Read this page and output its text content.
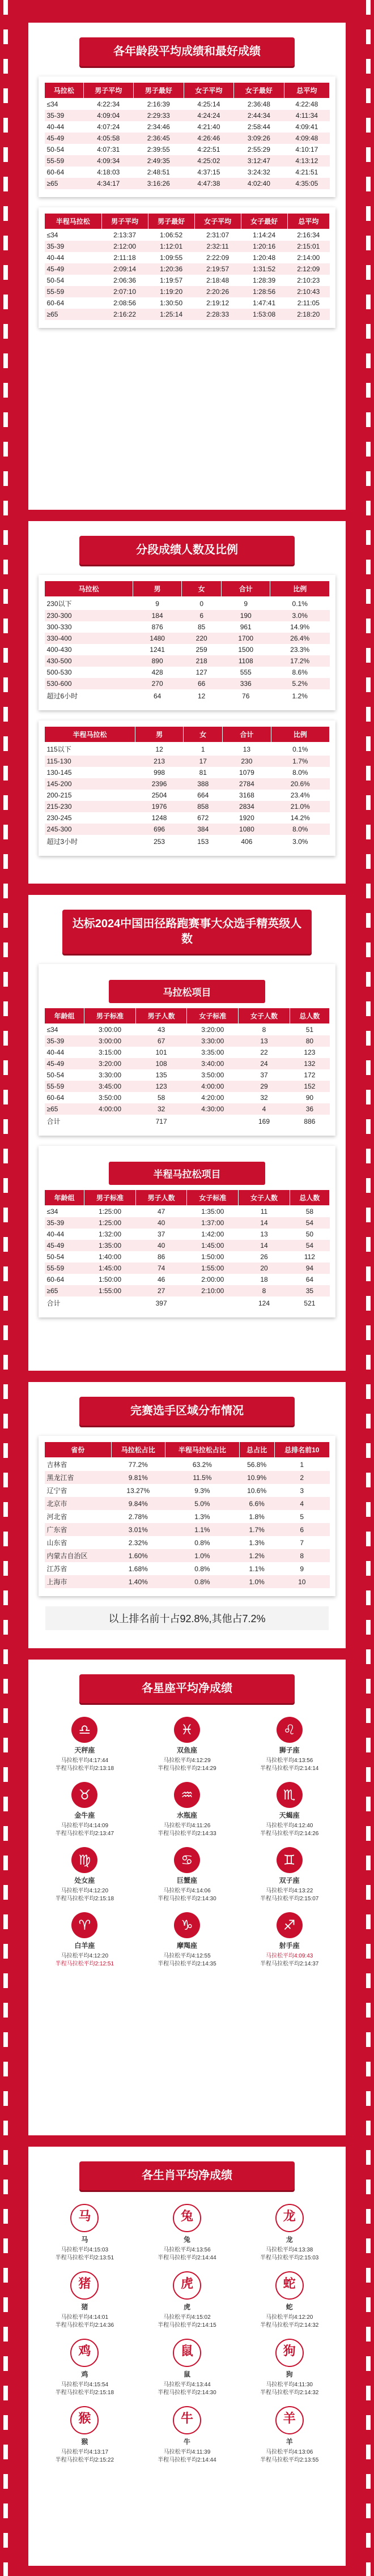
各年龄段平均成绩和最好成绩
马拉松	男子平均	男子最好	女子平均	女子最好	总平均
≤34	4:22:34	2:16:39	4:25:14	2:36:48	4:22:48
35-39	4:09:04	2:29:33	4:24:24	2:44:34	4:11:34
40-44	4:07:24	2:34:46	4:21:40	2:58:44	4:09:41
45-49	4:05:58	2:36:45	4:26:46	3:09:26	4:09:48
50-54	4:07:31	2:39:55	4:22:51	2:55:29	4:10:17
55-59	4:09:34	2:49:35	4:25:02	3:12:47	4:13:12
60-64	4:18:03	2:48:51	4:37:15	3:24:32	4:21:51
≥65	4:34:17	3:16:26	4:47:38	4:02:40	4:35:05
半程马拉松	男子平均	男子最好	女子平均	女子最好	总平均
≤34	2:13:37	1:06:52	2:31:07	1:14:24	2:16:34
35-39	2:12:00	1:12:01	2:32:11	1:20:16	2:15:01
40-44	2:11:18	1:09:55	2:22:09	1:20:48	2:14:00
45-49	2:09:14	1:20:36	2:19:57	1:31:52	2:12:09
50-54	2:06:36	1:19:57	2:18:48	1:28:39	2:10:23
55-59	2:07:10	1:19:20	2:20:26	1:28:56	2:10:43
60-64	2:08:56	1:30:50	2:19:12	1:47:41	2:11:05
≥65	2:16:22	1:25:14	2:28:33	1:53:08	2:18:20
分段成绩人数及比例
马拉松	男	女	合计	比例
230以下	9	0	9	0.1%
230-300	184	6	190	3.0%
300-330	876	85	961	14.9%
330-400	1480	220	1700	26.4%
400-430	1241	259	1500	23.3%
430-500	890	218	1108	17.2%
500-530	428	127	555	8.6%
530-600	270	66	336	5.2%
超过6小时	64	12	76	1.2%
半程马拉松	男	女	合计	比例
115以下	12	1	13	0.1%
115-130	213	17	230	1.7%
130-145	998	81	1079	8.0%
145-200	2396	388	2784	20.6%
200-215	2504	664	3168	23.4%
215-230	1976	858	2834	21.0%
230-245	1248	672	1920	14.2%
245-300	696	384	1080	8.0%
超过3小时	253	153	406	3.0%
达标2024中国田径路跑赛事大众选手精英级人数
马拉松项目
年龄组	男子标准	男子人数	女子标准	女子人数	总人数
≤34	3:00:00	43	3:20:00	8	51
35-39	3:00:00	67	3:30:00	13	80
40-44	3:15:00	101	3:35:00	22	123
45-49	3:20:00	108	3:40:00	24	132
50-54	3:30:00	135	3:50:00	37	172
55-59	3:45:00	123	4:00:00	29	152
60-64	3:50:00	58	4:20:00	32	90
≥65	4:00:00	32	4:30:00	4	36
合计		717		169	886
半程马拉松项目
年龄组	男子标准	男子人数	女子标准	女子人数	总人数
≤34	1:25:00	47	1:35:00	11	58
35-39	1:25:00	40	1:37:00	14	54
40-44	1:32:00	37	1:42:00	13	50
45-49	1:35:00	40	1:45:00	14	54
50-54	1:40:00	86	1:50:00	26	112
55-59	1:45:00	74	1:55:00	20	94
60-64	1:50:00	46	2:00:00	18	64
≥65	1:55:00	27	2:10:00	8	35
合计		397		124	521
完赛选手区域分布情况
省份	马拉松占比	半程马拉松占比	总占比	总排名前10
吉林省	77.2%	63.2%	56.8%	1
黑龙江省	9.81%	11.5%	10.9%	2
辽宁省	13.27%	9.3%	10.6%	3
北京市	9.84%	5.0%	6.6%	4
河北省	2.78%	1.3%	1.8%	5
广东省	3.01%	1.1%	1.7%	6
山东省	2.32%	0.8%	1.3%	7
内蒙古自治区	1.60%	1.0%	1.2%	8
江苏省	1.68%	0.8%	1.1%	9
上海市	1.40%	0.8%	1.0%	10
以上排名前十占92.8%,其他占7.2%
各星座平均净成绩
♎
天秤座
马拉松平均4:17:44
半程马拉松平均2:13:18
♓
双鱼座
马拉松平均4:12:29
半程马拉松平均2:14:29
♌
狮子座
马拉松平均4:13:56
半程马拉松平均2:14:14
♉
金牛座
马拉松平均4:14:09
半程马拉松平均2:13:47
♒
水瓶座
马拉松平均4:11:26
半程马拉松平均2:14:33
♏
天蝎座
马拉松平均4:12:40
半程马拉松平均2:14:26
♍
处女座
马拉松平均4:12:20
半程马拉松平均2:15:18
♋
巨蟹座
马拉松平均4:14:06
半程马拉松平均2:14:30
♊
双子座
马拉松平均4:13:22
半程马拉松平均2:15:07
♈
白羊座
马拉松平均4:12:20
半程马拉松平均2:12:51
♑
摩羯座
马拉松平均4:12:55
半程马拉松平均2:14:35
♐
射手座
马拉松平均4:09:43
半程马拉松平均2:14:37
各生肖平均净成绩
马
马
马拉松平均4:15:03
半程马拉松平均2:13:51
兔
兔
马拉松平均4:13:56
半程马拉松平均2:14:44
龙
龙
马拉松平均4:13:38
半程马拉松平均2:15:03
猪
猪
马拉松平均4:14:01
半程马拉松平均2:14:36
虎
虎
马拉松平均4:15:02
半程马拉松平均2:14:15
蛇
蛇
马拉松平均4:12:20
半程马拉松平均2:14:32
鸡
鸡
马拉松平均4:15:54
半程马拉松平均2:15:18
鼠
鼠
马拉松平均4:13:44
半程马拉松平均2:14:30
狗
狗
马拉松平均4:11:30
半程马拉松平均2:14:32
猴
猴
马拉松平均4:13:17
半程马拉松平均2:15:22
牛
牛
马拉松平均4:11:39
半程马拉松平均2:14:44
羊
羊
马拉松平均4:13:06
半程马拉松平均2:13:55
